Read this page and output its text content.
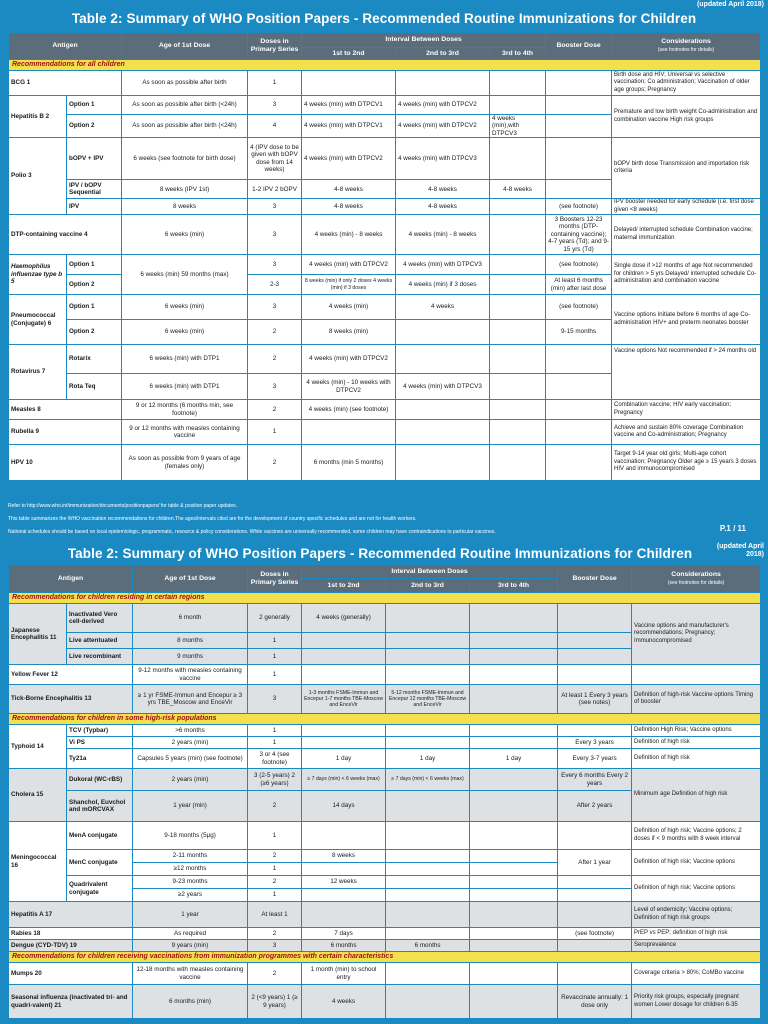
(updated April 2018)
Table 2: Summary of WHO Position Papers - Recommended Routine Immunizations for Children
Antigen		Age of 1st Dose	Doses in Primary Series	Interval Between Doses			Booster Dose	Considerations
(see footnotes for details)

				1st to 2nd	2nd to 3rd	3rd to 4th		
Recommendations for all children								
BCG 1		As soon as possible after birth	1					Birth dose and HIV; Universal vs selective vaccination; Co administration; Vaccination of older age groups; Pregnancy
Hepatitis B 2	Option 1	As soon as possible after birth (<24h)	3	4 weeks (min) with DTPCV1	4 weeks (min) with DTPCV2			Premature and low birth weight Co-administration and combination vaccine High risk groups
	Option 2	As soon as possible after birth (<24h)	4	4 weeks (min) with DTPCV1	4 weeks (min) with DTPCV2	4 weeks (min),with DTPCV3		
Polio 3	bOPV + IPV	6 weeks (see footnote for birth dose)	4 (IPV dose to be given with bOPV dose from 14 weeks)	4 weeks (min) with DTPCV2	4 weeks (min) with DTPCV3			bOPV birth dose Transmission and importation risk criteria
	IPV / bOPV Sequential	8 weeks (IPV 1st)	1-2 IPV 2 bOPV	4-8 weeks	4-8 weeks	4-8 weeks		
	IPV	8 weeks	3	4-8 weeks	4-8 weeks		(see footnote)	IPV booster needed for early schedule (i.e. first dose given <8 weeks)
DTP-containing vaccine 4		6 weeks (min)	3	4 weeks (min) - 8 weeks	4 weeks (min) - 8 weeks		3 Boosters 12-23 months (DTP-containing vaccine); 4-7 years (Td); and 9-15 yrs (Td)	Delayed/ interrupted schedule Combination vaccine; maternal immunization
Haemophilus influenzae type b 5	Option 1	6 weeks (min) 59 months (max)	3	4 weeks (min) with DTPCV2	4 weeks (min) with DTPCV3		(see footnote)	Single dose if >12 months of age Not recommended for children > 5 yrs Delayed/ interrupted schedule Co-administration and combination vaccine
	Option 2		2-3	8 weeks (min) if only 2 doses 4 weeks (min) if 3 doses	4 weeks (min) if 3 doses		At least 6 months (min) after last dose	
Pneumococcal (Conjugate) 6	Option 1	6 weeks (min)	3	4 weeks (min)	4 weeks		(see footnote)	Vaccine options Initiate before 6 months of age Co-administration HIV+ and preterm neonates booster
	Option 2	6 weeks (min)	2	8 weeks (min)			9-15 months	
Rotavirus 7	Rotarix	6 weeks (min) with DTP1	2	4 weeks (min) with DTPCV2				Vaccine options Not recommended if > 24 months old
	Rota Teq	6 weeks (min) with DTP1	3	4 weeks (min) - 10 weeks with DTPCV2	4 weeks (min) with DTPCV3			
Measles 8		9 or 12 months (6 months min, see footnote)	2	4 weeks (min) (see footnote)				Combination vaccine; HIV early vaccination; Pregnancy
Rubella 9		9 or 12 months with measles containing vaccine	1					Achieve and sustain 80% coverage Combination vaccine and Co-administration; Pregnancy
HPV 10		As soon as possible from 9 years of age (females only)	2	6 months (min 5 months)				Target 9-14 year old girls; Multi-age cohort vaccination; Pregnancy Older age ≥ 15 years 3 doses HIV and immunocompromised
Refer to http://www.who.int/immunization/documents/positionpapers/ for table & position paper updates.
This table summarizes the WHO vaccination recommendations for children.The ages/intervals cited are for the development of country specific schedules and are not for health workers.
National schedules should be based on local epidemiologic, programmatic, resource & policy considerations. While vaccines are universally recommended, some children may have contraindications to particular vaccines.	P.1 / 11
(updated April 2018)
Table 2: Summary of WHO Position Papers - Recommended Routine Immunizations for Children
Antigen		Age of 1st Dose	Doses in Primary Series	Interval Between Doses			Booster Dose	Considerations
(see footnotes for details)

				1st to 2nd	2nd to 3rd	3rd to 4th		
Recommendations for children residing in certain regions								
Japanese Encephalitis 11	Inactivated Vero cell-derived	6 month	2 generally	4 weeks (generally)				Vaccine options and manufacturer's recommendations; Pregnancy; Immunocompromised
	Live attentuated	8 months	1					
	Live recombinant	9 months	1					
Yellow Fever 12		9-12 months with measles containing vaccine	1					
Tick-Borne Encephalitis 13		≥ 1 yr FSME-Immun and Encepur ≥ 3 yrs TBE_Moscow and EnceVir	3	1-3 months FSME-Immun and Encepur 1-7 months TBE-Moscow and EnceVir	5-12 months FSME-Immun and Encepur 12 months TBE-Moscow and EnceVir		At least 1 Every 3 years (see notes)	Definition of high-risk Vaccine options Timing of booster
Recommendations for children in some high-risk populations								
Typhoid 14	TCV (Typbar)	>6 months	1					Definition High Risk; Vaccine options
	Vi PS	2 years (min)	1				Every 3 years	Definition of high risk
	Ty21a	Capsules 5 years (min) (see footnote)	3 or 4 (see footnote)	1 day	1 day	1 day	Every 3-7 years	Definition of high risk
Cholera 15	Dukoral (WC-rBS)	2 years (min)	3 (2-5 years) 2 (≥6 years)	≥ 7 days (min) < 6 weeks (max)	≥ 7 days (min) < 6 weeks (max)		Every 6 months Every 2 years	Minimum age Definition of high risk
	Shanchol, Euvchol and mORCVAX	1 year (min)	2	14 days			After 2 years	
Meningococcal 16	MenA conjugate	9-18 months (5µg)	1					Definition of high risk; Vaccine options; 2 doses if < 9 months with 8 week interval
	MenC conjugate	2-11 months	2	8 weeks			After 1 year	Definition of high risk; Vaccine options
		≥12 months	1					
	Quadrivalent conjugate	9-23 months	2	12 weeks				Definition of high risk; Vaccine options
		≥2 years	1					
Hepatitis A 17		1 year	At least 1					Level of endemicity; Vaccine options; Definition of high risk groups
Rabies 18		As required	2	7 days			(see footnote)	PrEP vs PEP; definition of high risk
Dengue (CYD-TDV) 19		9 years (min)	3	6 months	6 months			Seroprevalence
Recommendations for children receiving vaccinations from immunization programmes with certain characteristics								
Mumps 20		12-18 months with measles containing vaccine	2	1 month (min) to school entry				Coverage criteria > 80%; CoMBo vaccine
Seasonal influenza (inactivated tri- and quadri-valent) 21		6 months (min)	2 (<9 years) 1 (≥ 9 years)	4 weeks			Revaccinate annually: 1 dose only	Priority risk groups, especially pregnant women Lower dosage for children 6-35
